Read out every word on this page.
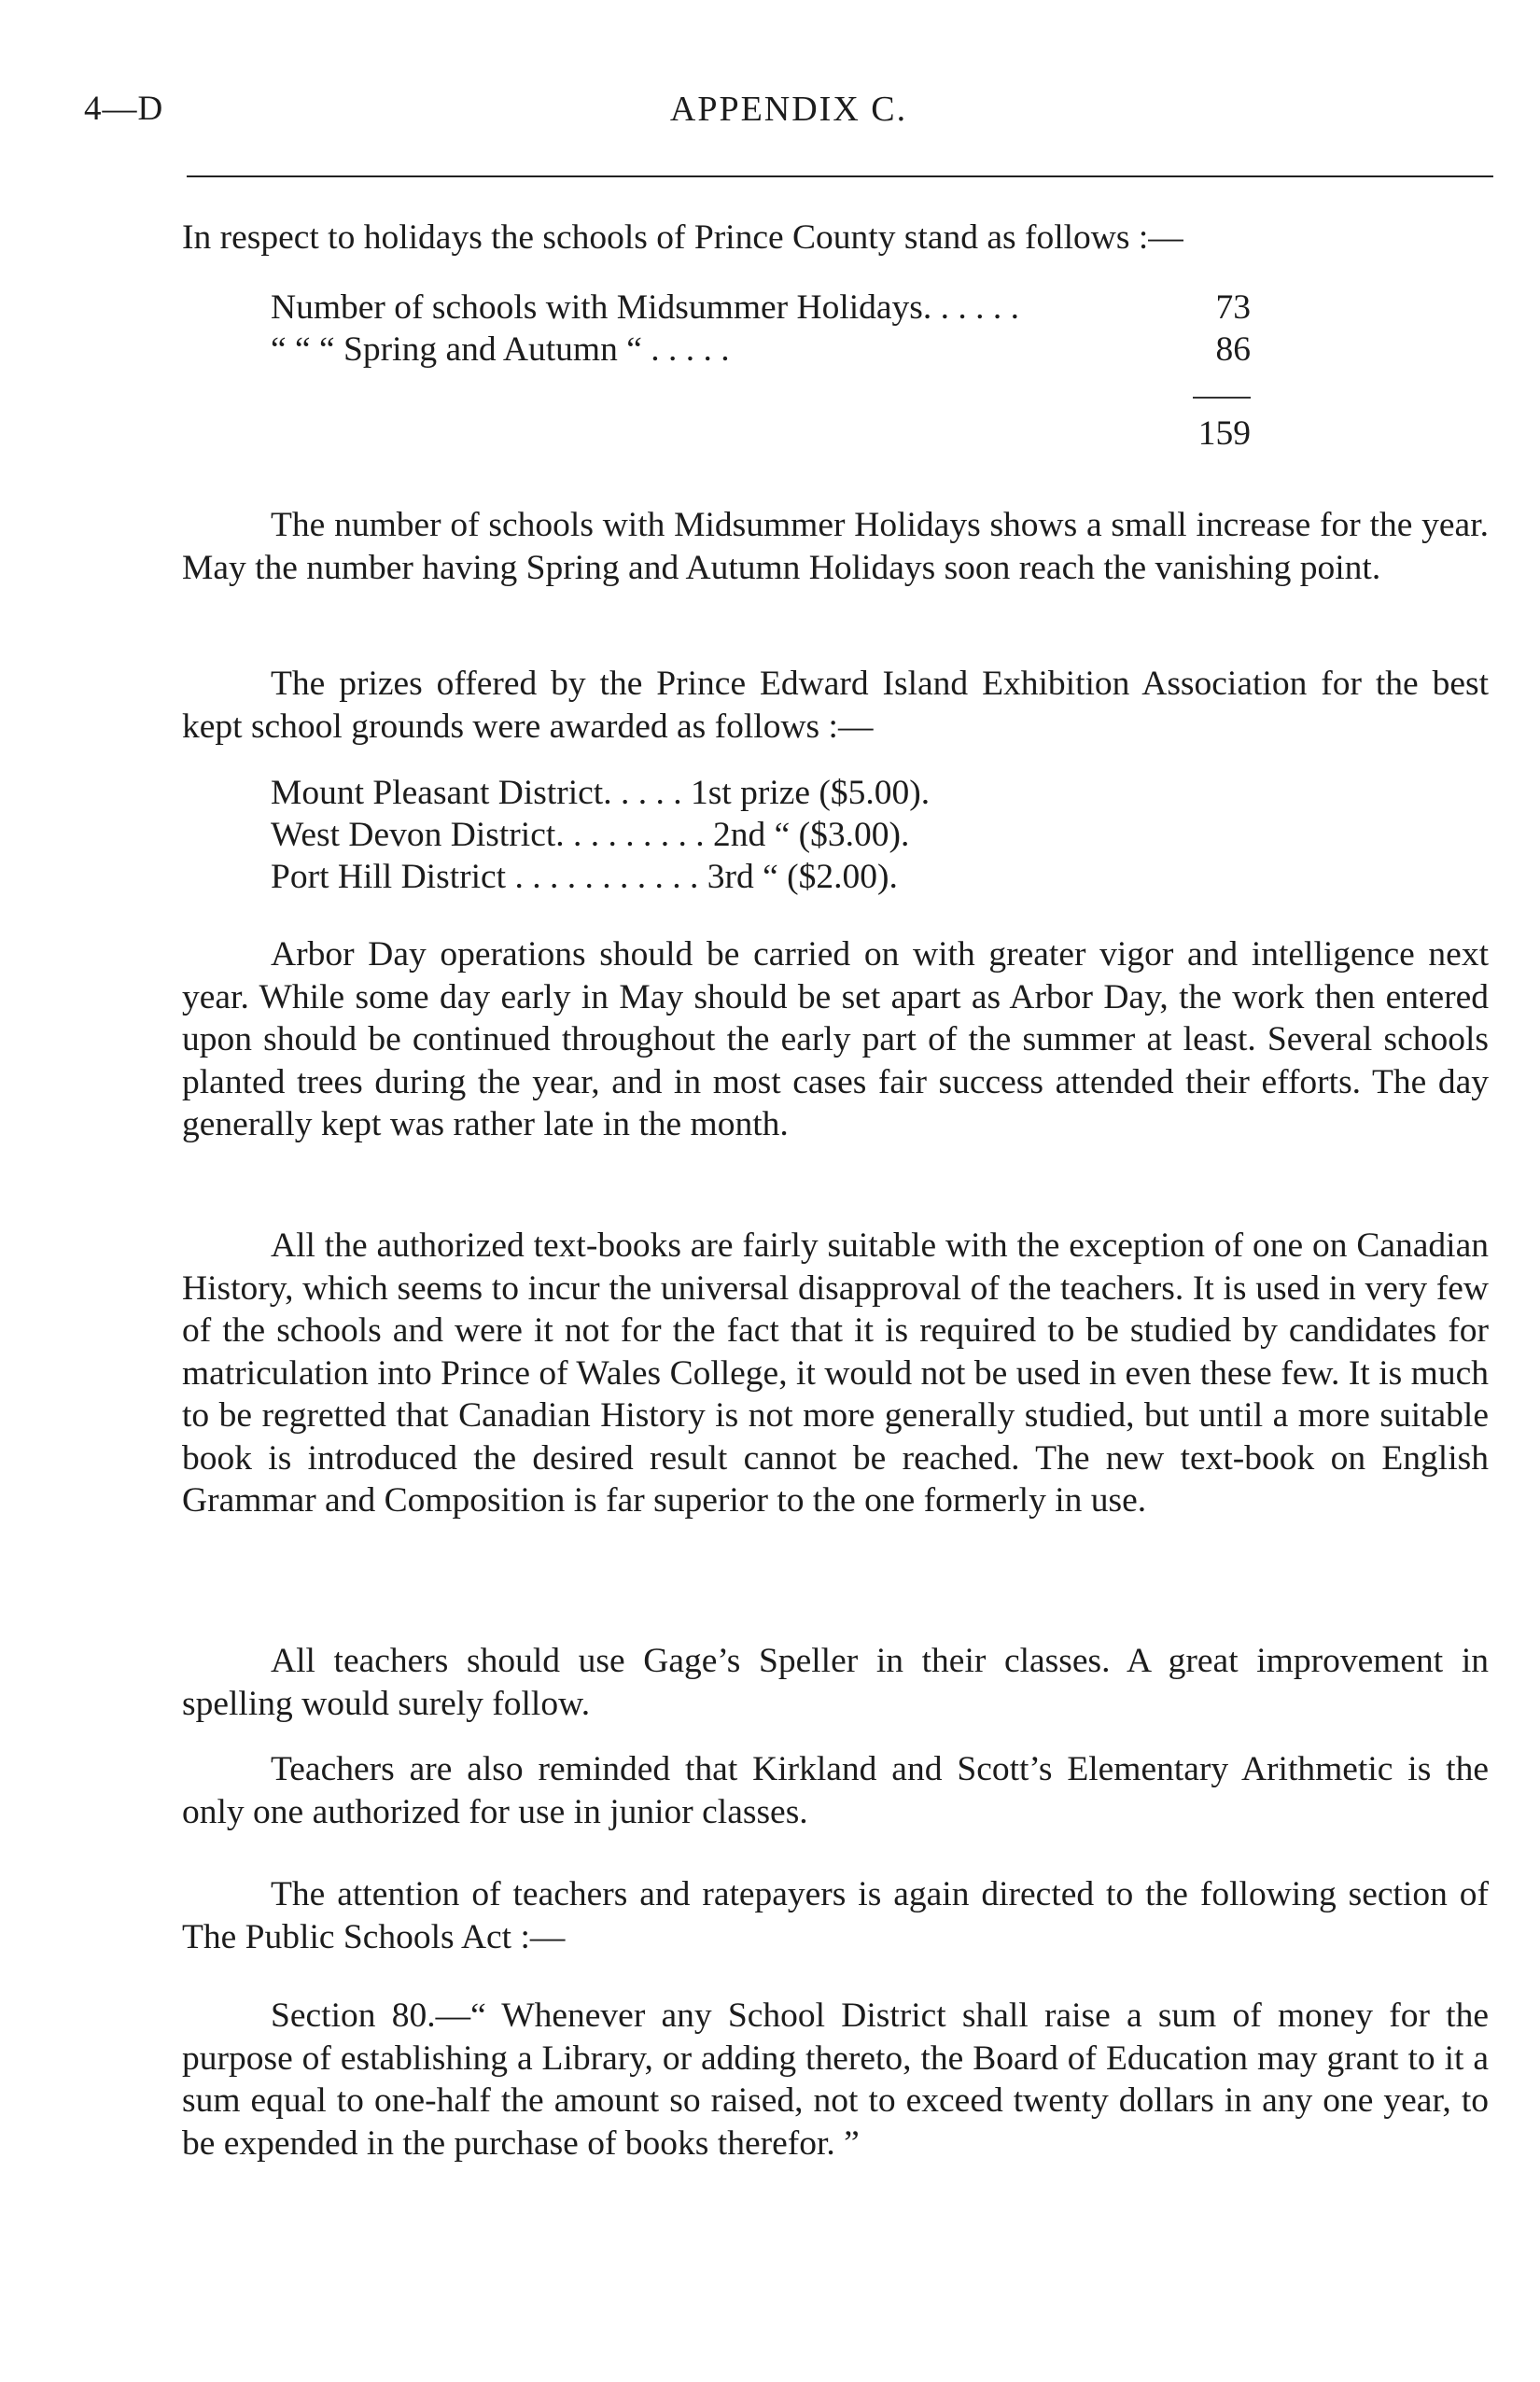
4—D	APPENDIX C.
In respect to holidays the schools of Prince County stand as follows :—
Number of schools with Midsummer Holidays. . . . . .	73
“ “ “ Spring and Autumn “ . . . . .	86
159
The number of schools with Midsummer Holidays shows a small increase for the year. May the number having Spring and Autumn Holidays soon reach the vanishing point.
The prizes offered by the Prince Edward Island Exhibition Association for the best kept school grounds were awarded as follows :—
Mount Pleasant District. . . . . 1st prize ($5.00).
West Devon District. . . . . . . . . 2nd “ ($3.00).
Port Hill District . . . . . . . . . . . 3rd “ ($2.00).
Arbor Day operations should be carried on with greater vigor and intelligence next year. While some day early in May should be set apart as Arbor Day, the work then entered upon should be continued throughout the early part of the summer at least. Several schools planted trees during the year, and in most cases fair success attended their efforts. The day generally kept was rather late in the month.
All the authorized text-books are fairly suitable with the exception of one on Canadian History, which seems to incur the universal disapproval of the teachers. It is used in very few of the schools and were it not for the fact that it is required to be studied by candidates for matriculation into Prince of Wales College, it would not be used in even these few. It is much to be regretted that Canadian History is not more generally studied, but until a more suitable book is introduced the desired result cannot be reached. The new text-book on English Grammar and Composition is far superior to the one formerly in use.
All teachers should use Gage’s Speller in their classes. A great improvement in spelling would surely follow.
Teachers are also reminded that Kirkland and Scott’s Elementary Arithmetic is the only one authorized for use in junior classes.
The attention of teachers and ratepayers is again directed to the following section of The Public Schools Act :—
Section 80.—“ Whenever any School District shall raise a sum of money for the purpose of establishing a Library, or adding thereto, the Board of Education may grant to it a sum equal to one-half the amount so raised, not to exceed twenty dollars in any one year, to be expended in the purchase of books therefor. ”
